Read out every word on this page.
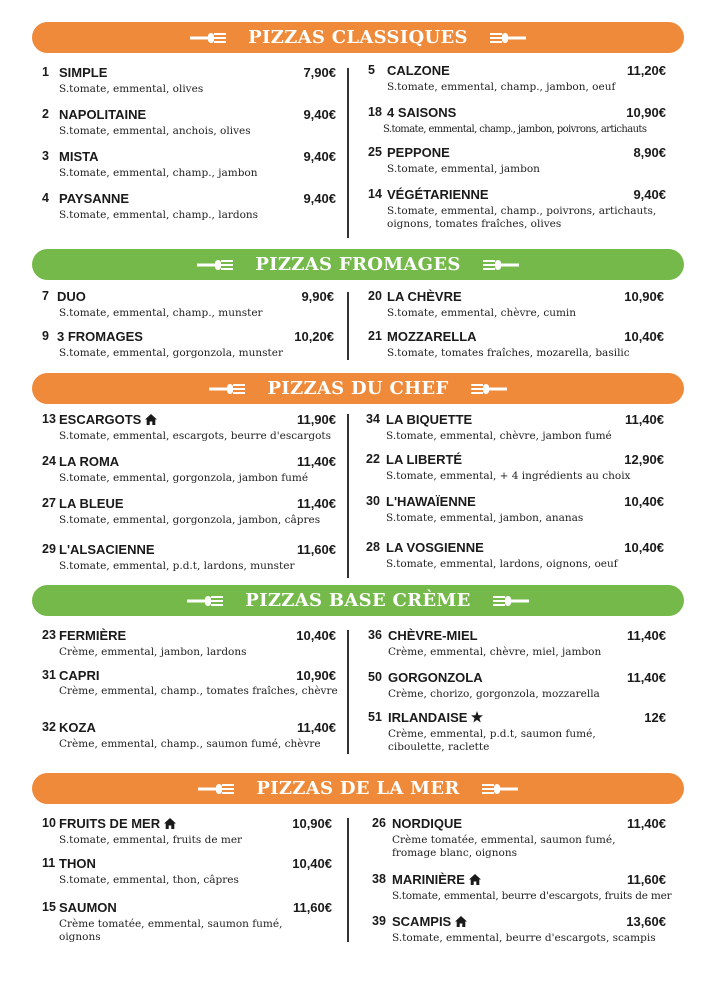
PIZZAS CLASSIQUES
1 SIMPLE	7,90€
S.tomate, emmental, olives
2 NAPOLITAINE	9,40€
S.tomate, emmental, anchois, olives
3 MISTA	9,40€
S.tomate, emmental, champ., jambon
4 PAYSANNE	9,40€
S.tomate, emmental, champ., lardons
5 CALZONE	11,20€
S.tomate, emmental, champ., jambon, oeuf
18 4 SAISONS	10,90€
S.tomate, emmental, champ., jambon, poivrons, artichauts
25 PEPPONE	8,90€
S.tomate, emmental, jambon
14 VÉGÉTARIENNE	9,40€
S.tomate, emmental, champ., poivrons, artichauts, oignons, tomates fraîches, olives
PIZZAS FROMAGES
7 DUO	9,90€
S.tomate, emmental, champ., munster
9 3 FROMAGES	10,20€
S.tomate, emmental, gorgonzola, munster
20 LA CHÈVRE	10,90€
S.tomate, emmental, chèvre, cumin
21 MOZZARELLA	10,40€
S.tomate, tomates fraîches, mozarella, basilic
PIZZAS DU CHEF
13 ESCARGOTS	11,90€
S.tomate, emmental, escargots, beurre d'escargots
24 LA ROMA	11,40€
S.tomate, emmental, gorgonzola, jambon fumé
27 LA BLEUE	11,40€
S.tomate, emmental, gorgonzola, jambon, câpres
29 L'ALSACIENNE	11,60€
S.tomate, emmental, p.d.t, lardons, munster
34 LA BIQUETTE	11,40€
S.tomate, emmental, chèvre, jambon fumé
22 LA LIBERTÉ	12,90€
S.tomate, emmental, + 4 ingrédients au choix
30 L'HAWAÏENNE	10,40€
S.tomate, emmental, jambon, ananas
28 LA VOSGIENNE	10,40€
S.tomate, emmental, lardons, oignons, oeuf
PIZZAS BASE CRÈME
23 FERMIÈRE	10,40€
Crème, emmental, jambon, lardons
31 CAPRI	10,90€
Crème, emmental, champ., tomates fraîches, chèvre
32 KOZA	11,40€
Crème, emmental, champ., saumon fumé, chèvre
36 CHÈVRE-MIEL	11,40€
Crème, emmental, chèvre, miel, jambon
50 GORGONZOLA	11,40€
Crème, chorizo, gorgonzola, mozzarella
51 IRLANDAISE	12€
Crème, emmental, p.d.t, saumon fumé, ciboulette, raclette
PIZZAS DE LA MER
10 FRUITS DE MER	10,90€
S.tomate, emmental, fruits de mer
11 THON	10,40€
S.tomate, emmental, thon, câpres
15 SAUMON	11,60€
Crème tomatée, emmental, saumon fumé, oignons
26 NORDIQUE	11,40€
Crème tomatée, emmental, saumon fumé, fromage blanc, oignons
38 MARINIÈRE	11,60€
S.tomate, emmental, beurre d'escargots, fruits de mer
39 SCAMPIS	13,60€
S.tomate, emmental, beurre d'escargots, scampis
